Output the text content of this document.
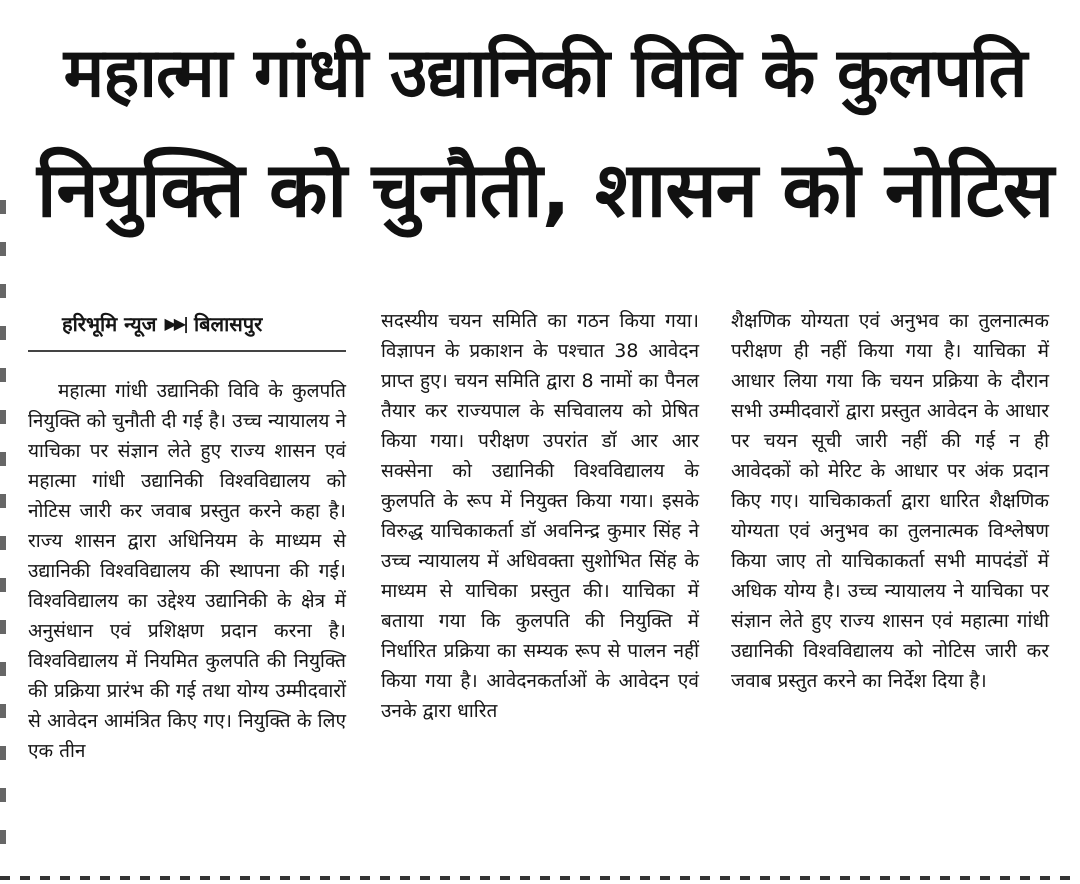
महात्मा गांधी उद्यानिकी विवि के कुलपति
नियुक्ति को चुनौती, शासन को नोटिस
हरिभूमि न्यूज ▶▶| बिलासपुर

महात्मा गांधी उद्यानिकी विवि के कुलपति नियुक्ति को चुनौती दी गई है। उच्च न्यायालय ने याचिका पर संज्ञान लेते हुए राज्य शासन एवं महात्मा गांधी उद्यानिकी विश्वविद्यालय को नोटिस जारी कर जवाब प्रस्तुत करने कहा है। राज्य शासन द्वारा अधिनियम के माध्यम से उद्यानिकी विश्वविद्यालय की स्थापना की गई। विश्वविद्यालय का उद्देश्य उद्यानिकी के क्षेत्र में अनुसंधान एवं प्रशिक्षण प्रदान करना है। विश्वविद्यालय में नियमित कुलपति की नियुक्ति की प्रक्रिया प्रारंभ की गई तथा योग्य उम्मीदवारों से आवेदन आमंत्रित किए गए। नियुक्ति के लिए एक तीन

सदस्यीय चयन समिति का गठन किया गया। विज्ञापन के प्रकाशन के पश्चात 38 आवेदन प्राप्त हुए। चयन समिति द्वारा 8 नामों का पैनल तैयार कर राज्यपाल के सचिवालय को प्रेषित किया गया। परीक्षण उपरांत डॉ आर आर सक्सेना को उद्यानिकी विश्वविद्यालय के कुलपति के रूप में नियुक्त किया गया। इसके विरुद्ध याचिकाकर्ता डॉ अवनिन्द्र कुमार सिंह ने उच्च न्यायालय में अधिवक्ता सुशोभित सिंह के माध्यम से याचिका प्रस्तुत की। याचिका में बताया गया कि कुलपति की नियुक्ति में निर्धारित प्रक्रिया का सम्यक रूप से पालन नहीं किया गया है। आवेदनकर्ताओं के आवेदन एवं उनके द्वारा धारित

शैक्षणिक योग्यता एवं अनुभव का तुलनात्मक परीक्षण ही नहीं किया गया है। याचिका में आधार लिया गया कि चयन प्रक्रिया के दौरान सभी उम्मीदवारों द्वारा प्रस्तुत आवेदन के आधार पर चयन सूची जारी नहीं की गई न ही आवेदकों को मेरिट के आधार पर अंक प्रदान किए गए। याचिकाकर्ता द्वारा धारित शैक्षणिक योग्यता एवं अनुभव का तुलनात्मक विश्लेषण किया जाए तो याचिकाकर्ता सभी मापदंडों में अधिक योग्य है। उच्च न्यायालय ने याचिका पर संज्ञान लेते हुए राज्य शासन एवं महात्मा गांधी उद्यानिकी विश्वविद्यालय को नोटिस जारी कर जवाब प्रस्तुत करने का निर्देश दिया है।
